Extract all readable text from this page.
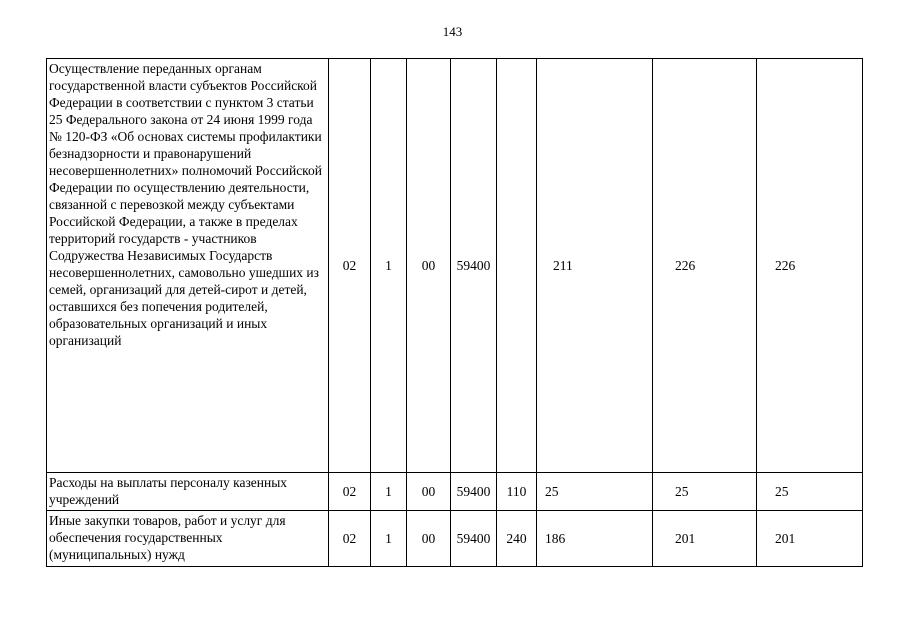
143
Осуществление переданных органам государственной власти субъектов Российской Федерации в соответствии с пунктом 3 статьи 25 Федерального закона от 24 июня 1999 года № 120-ФЗ «Об основах системы профилактики безнадзорности и правонарушений несовершеннолетних» полномочий Российской Федерации по осуществлению деятельности, связанной с перевозкой между субъектами Российской Федерации, а также в пределах территорий государств - участников Содружества Независимых Государств несовершеннолетних, самовольно ушедших из семей, организаций для детей-сирот и детей, оставшихся без попечения родителей, образовательных организаций и иных организаций	02	1	00	59400		211	226	226
Расходы на выплаты персоналу казенных учреждений	02	1	00	59400	110	25	25	25
Иные закупки товаров, работ и услуг для обеспечения государственных (муниципальных) нужд	02	1	00	59400	240	186	201	201
